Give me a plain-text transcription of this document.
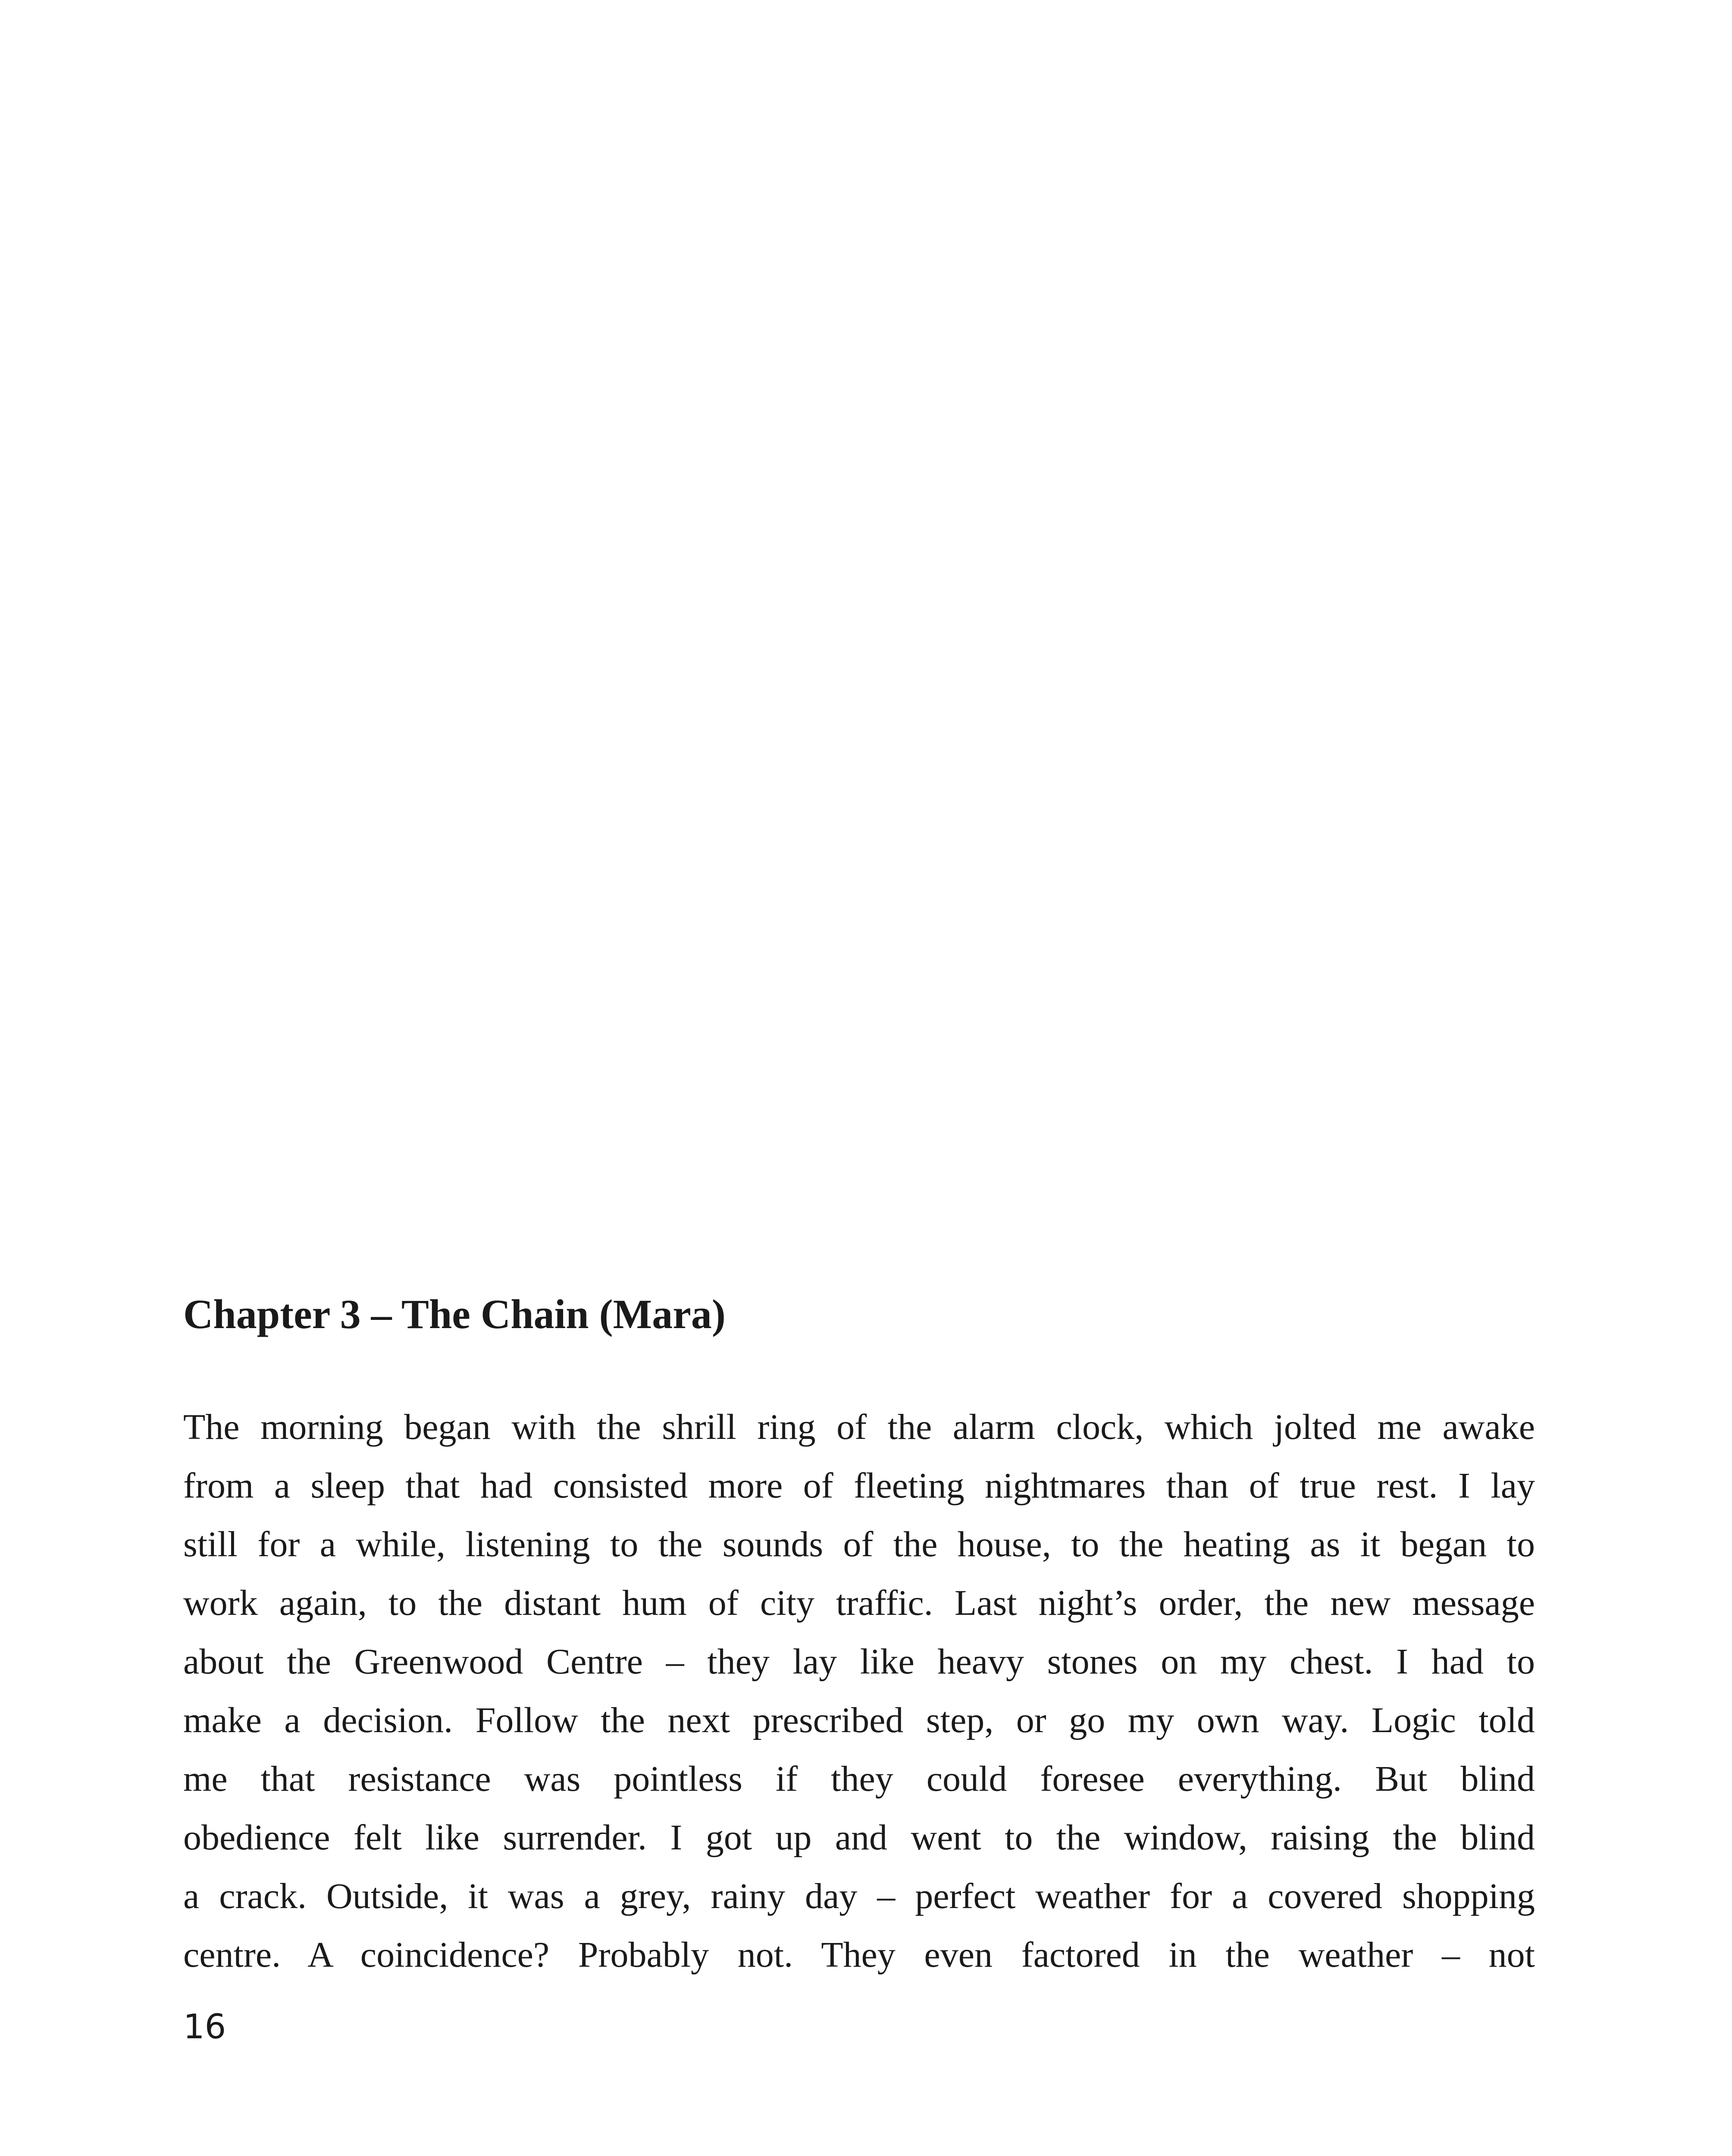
Chapter 3 – The Chain (Mara)
The morning began with the shrill ring of the alarm clock, which jolted me awake
from a sleep that had consisted more of fleeting nightmares than of true rest. I lay
still for a while, listening to the sounds of the house, to the heating as it began to
work again, to the distant hum of city traffic. Last night’s order, the new message
about the Greenwood Centre – they lay like heavy stones on my chest. I had to
make a decision. Follow the next prescribed step, or go my own way. Logic told
me that resistance was pointless if they could foresee everything. But blind
obedience felt like surrender. I got up and went to the window, raising the blind
a crack. Outside, it was a grey, rainy day – perfect weather for a covered shopping
centre. A coincidence? Probably not. They even factored in the weather – not

16
